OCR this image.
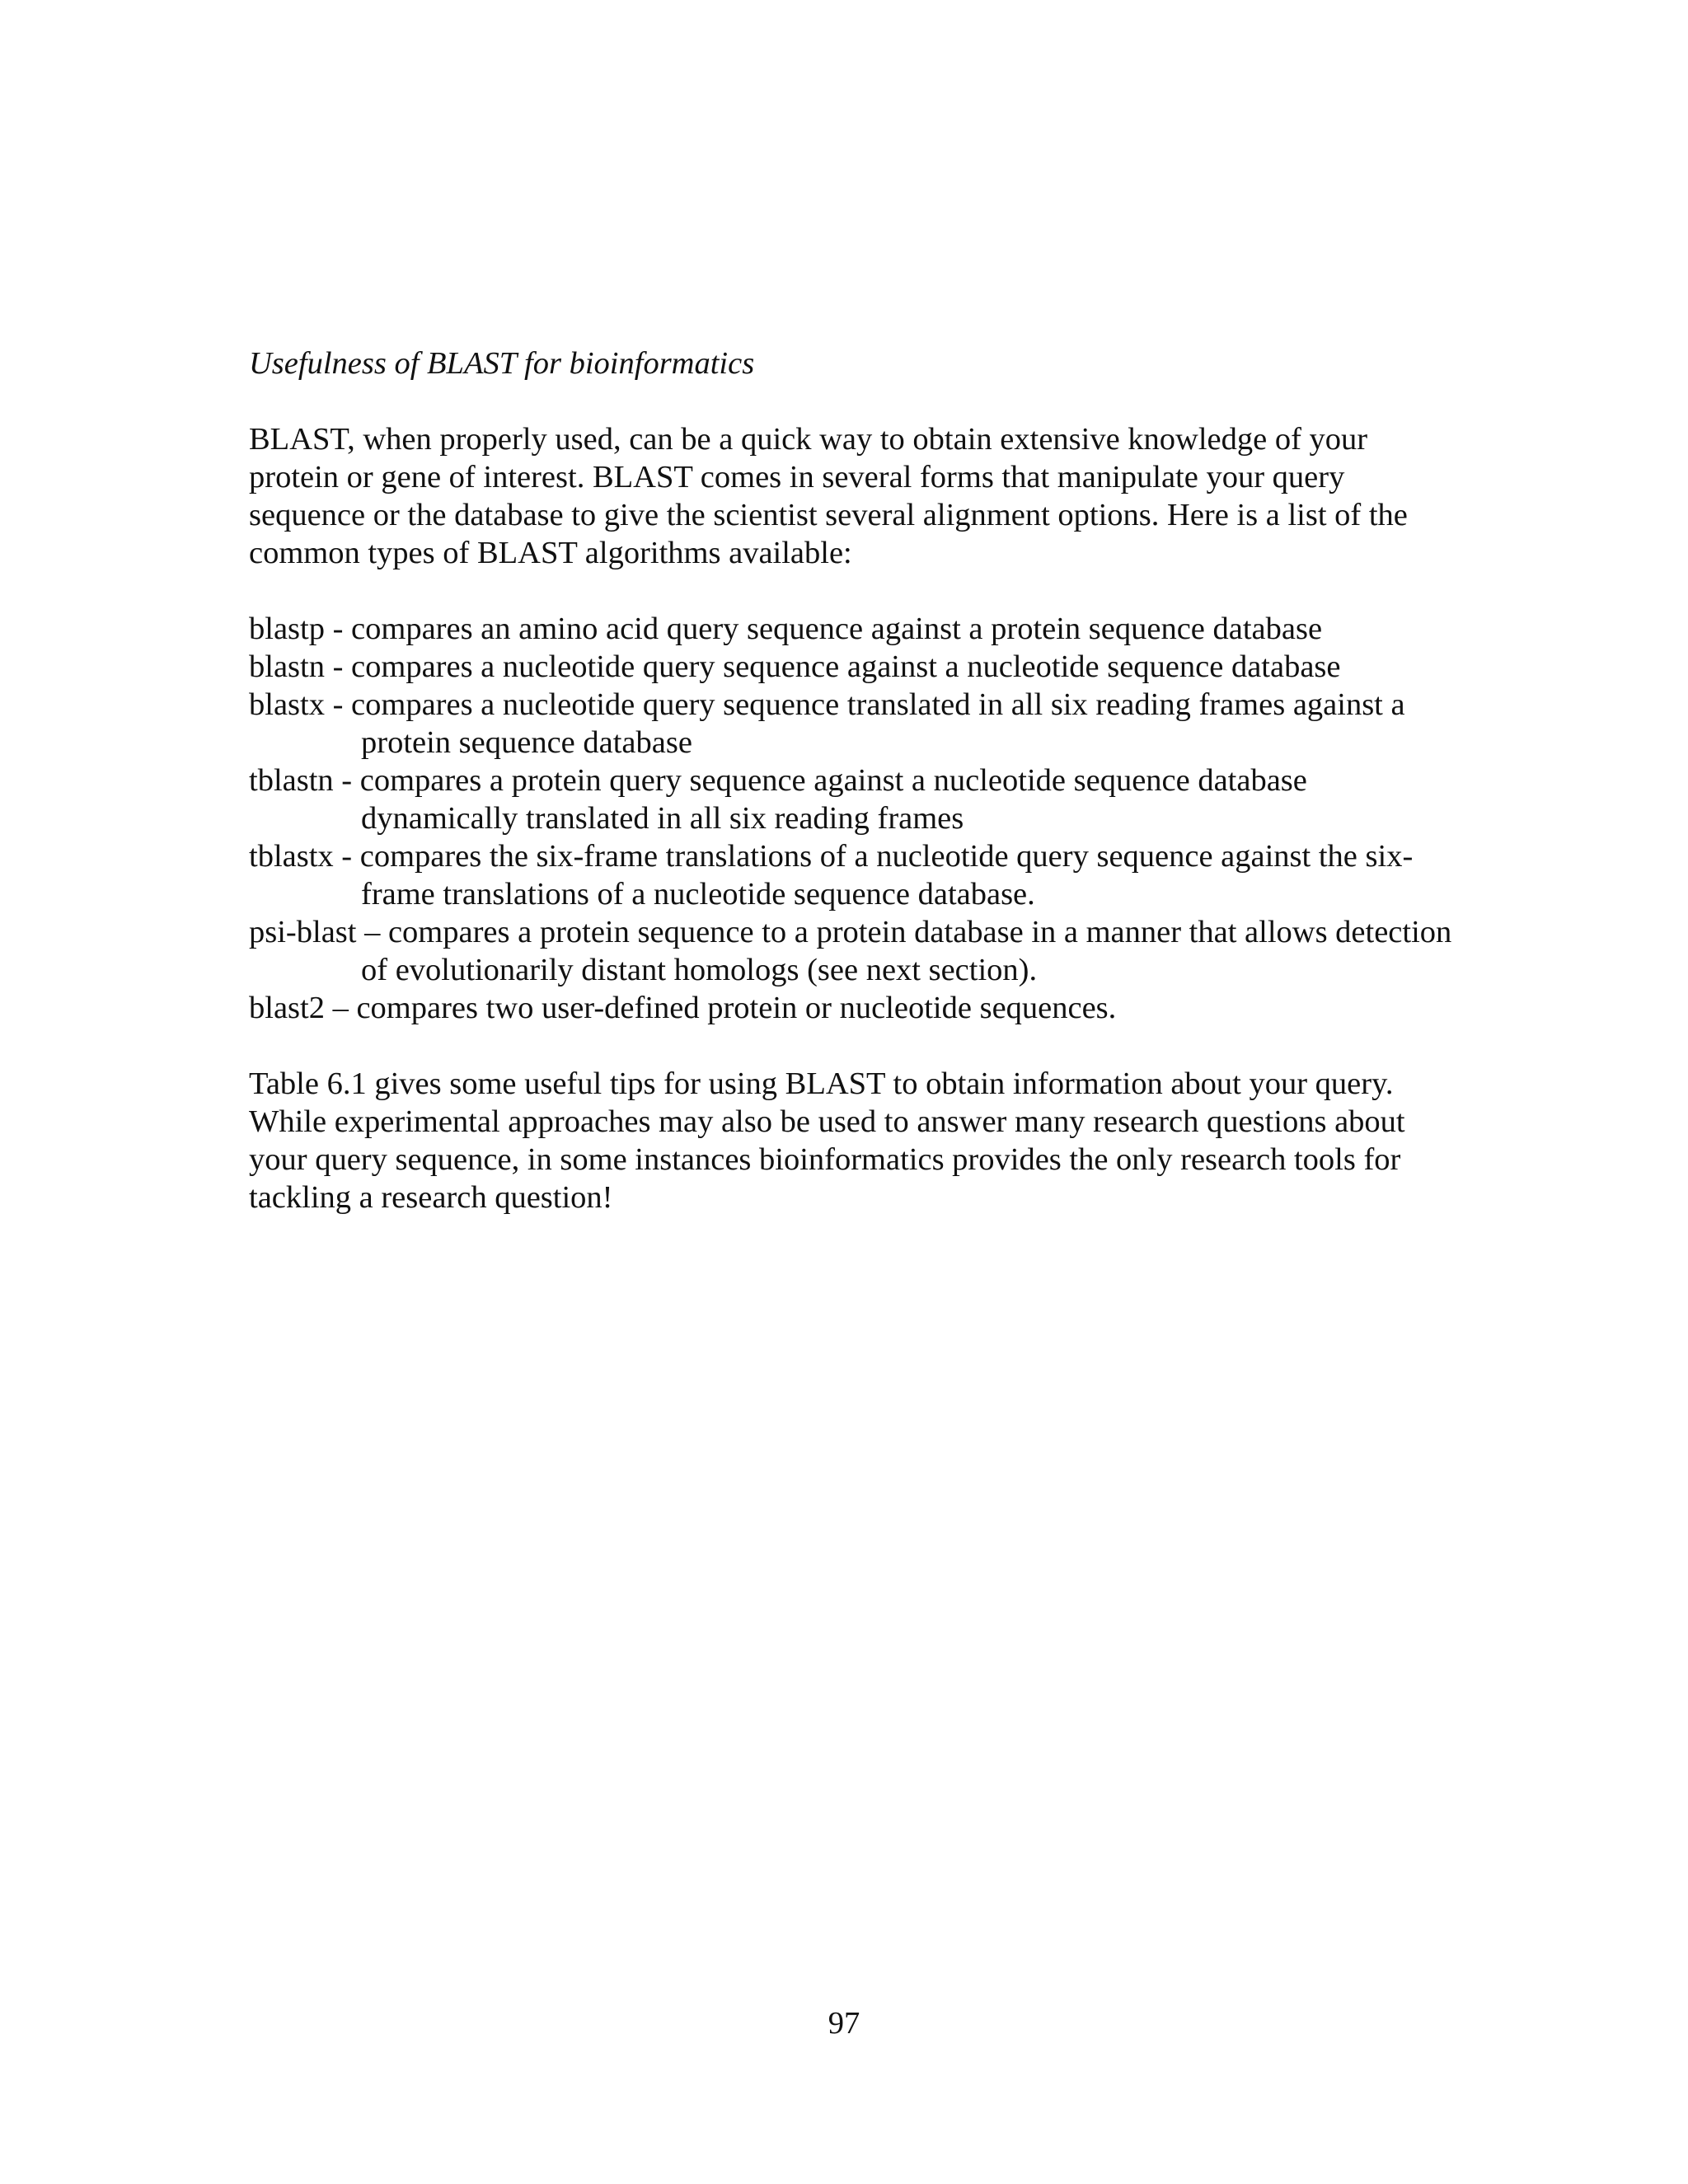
Usefulness of BLAST for bioinformatics

BLAST, when properly used, can be a quick way to obtain extensive knowledge of your protein or gene of interest. BLAST comes in several forms that manipulate your query sequence or the database to give the scientist several alignment options. Here is a list of the common types of BLAST algorithms available:

blastp - compares an amino acid query sequence against a protein sequence database
blastn - compares a nucleotide query sequence against a nucleotide sequence database
blastx - compares a nucleotide query sequence translated in all six reading frames against a protein sequence database
tblastn - compares a protein query sequence against a nucleotide sequence database dynamically translated in all six reading frames
tblastx - compares the six-frame translations of a nucleotide query sequence against the six-frame translations of a nucleotide sequence database.
psi-blast – compares a protein sequence to a protein database in a manner that allows detection of evolutionarily distant homologs (see next section).
blast2 – compares two user-defined protein or nucleotide sequences.

Table 6.1 gives some useful tips for using BLAST to obtain information about your query. While experimental approaches may also be used to answer many research questions about your query sequence, in some instances bioinformatics provides the only research tools for tackling a research question!

97
